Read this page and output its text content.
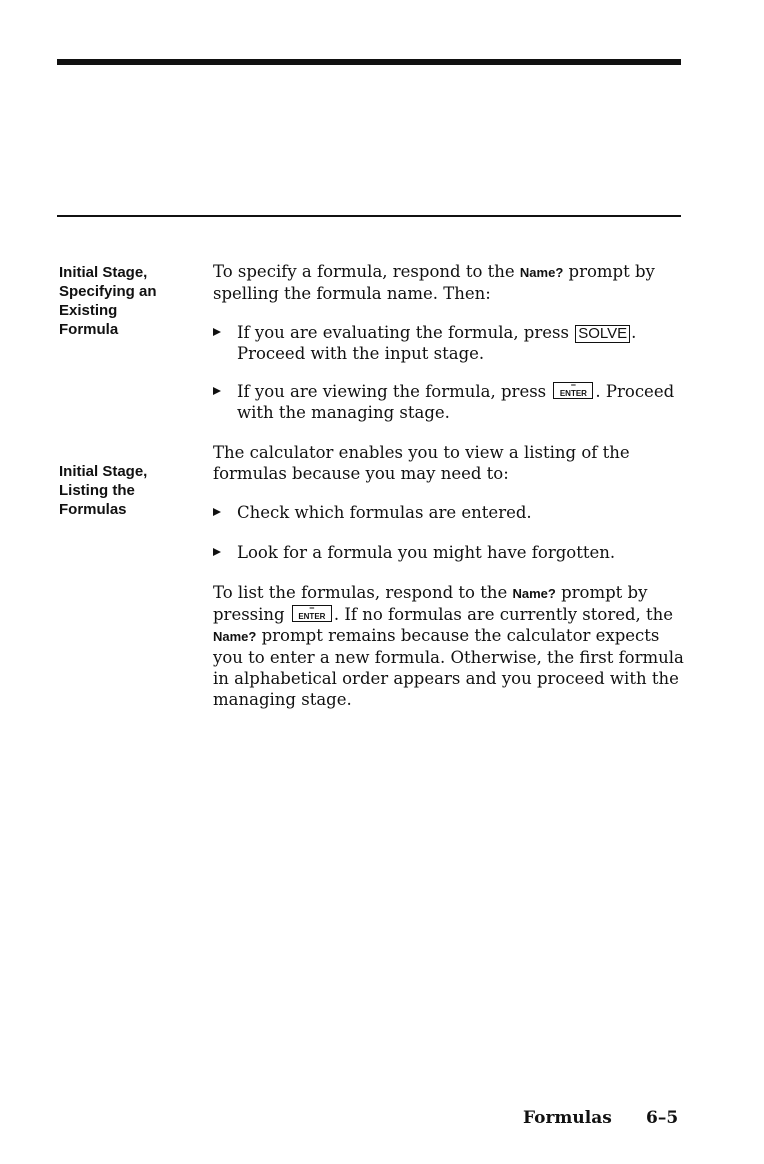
Initial Stage,
Specifying an
Existing
Formula
To specify a formula, respond to the Name? prompt by
spelling the formula name. Then:
If you are evaluating the formula, press SOLVE .
Proceed with the input stage.
If you are viewing the formula, press	=
ENTER . Proceed
with the managing stage.
Initial Stage,
Listing the
Formulas
The calculator enables you to view a listing of the
formulas because you may need to:
Check which formulas are entered.
Look for a formula you might have forgotten.
To list the formulas, respond to the Name? prompt by
pressing	=
ENTER . If no formulas are currently stored, the
Name? prompt remains because the calculator expects
you to enter a new formula. Otherwise, the first formula
in alphabetical order appears and you proceed with the
managing stage.
Formulas 6–5
